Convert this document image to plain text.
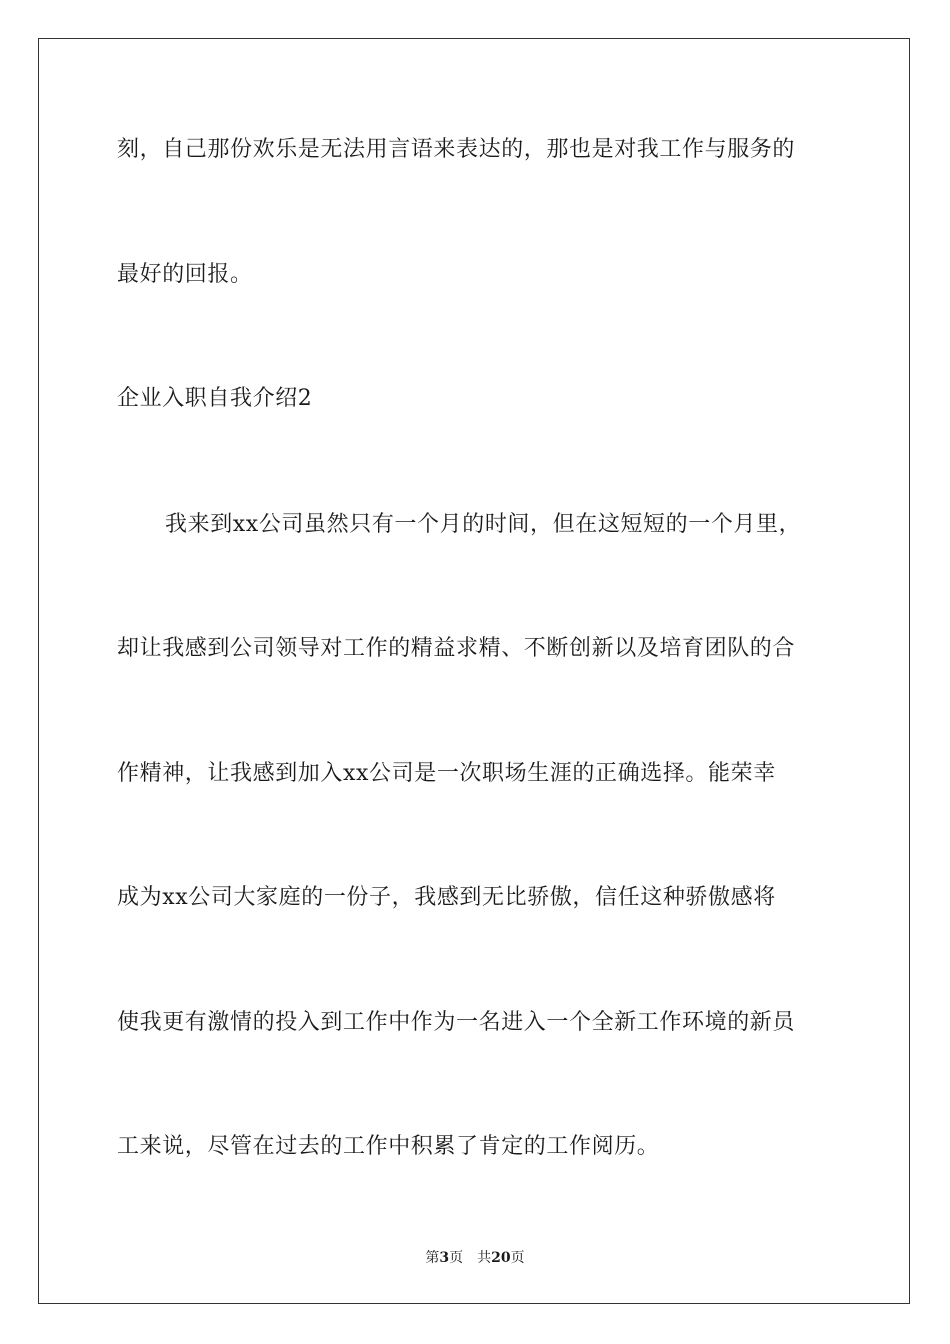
刻，自己那份欢乐是无法用言语来表达的，那也是对我工作与服务的
最好的回报。
企业入职自我介绍2
我来到xx公司虽然只有一个月的时间，但在这短短的一个月里，
却让我感到公司领导对工作的精益求精、不断创新以及培育团队的合
作精神，让我感到加入xx公司是一次职场生涯的正确选择。能荣幸
成为xx公司大家庭的一份子，我感到无比骄傲，信任这种骄傲感将
使我更有激情的投入到工作中作为一名进入一个全新工作环境的新员
工来说，尽管在过去的工作中积累了肯定的工作阅历。
第3页 共20页
